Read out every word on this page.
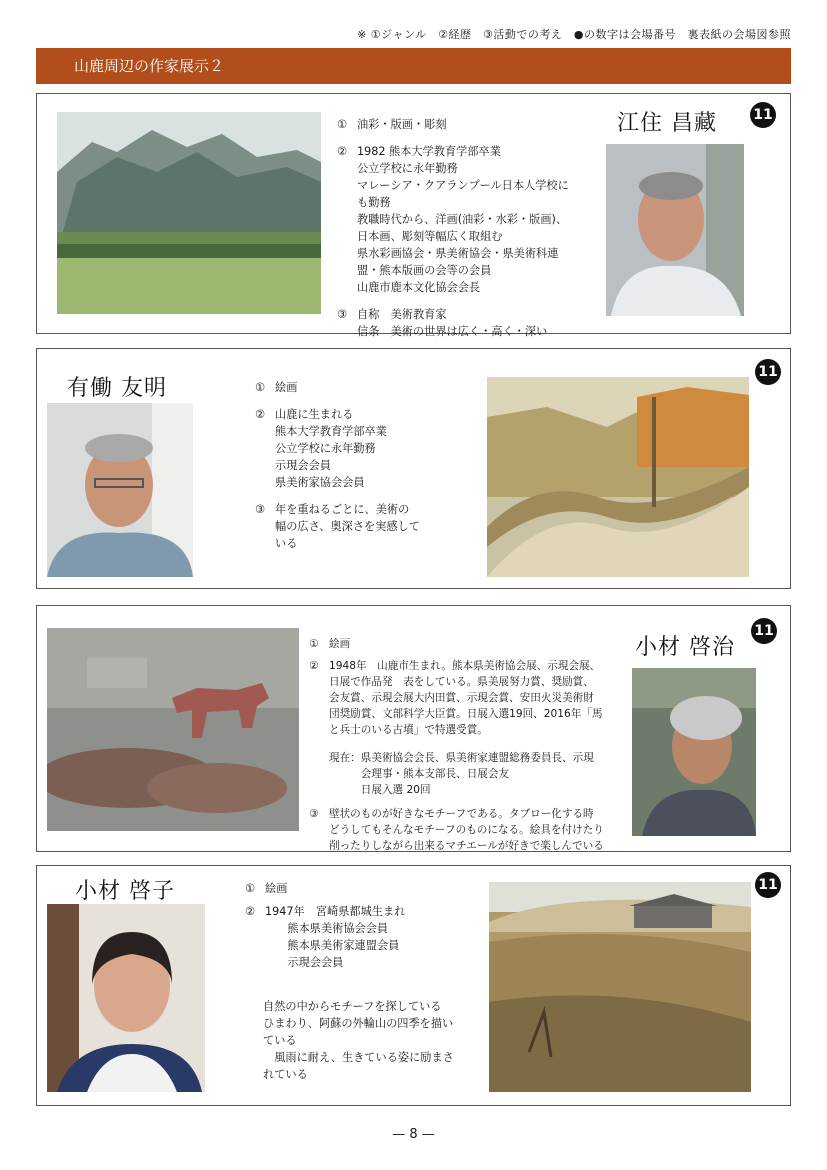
※ ①ジャンル　②経歴　③活動での考え　●の数字は会場番号　裏表紙の会場図参照
山鹿周辺の作家展示２
① 油彩・版画・彫刻
② 1982 熊本大学教育学部卒業
公立学校に永年勤務
マレーシア・クアランプール日本人学校に
も勤務
教職時代から、洋画(油彩・水彩・版画)、
日本画、彫刻等幅広く取組む
県水彩画協会・県美術協会・県美術科連
盟・熊本版画の会等の会員
山鹿市鹿本文化協会会長
③ 自称　美術教育家
信条　美術の世界は広く・高く・深い
江住 昌藏	11
有働 友明	① 絵画
② 山鹿に生まれる
熊本大学教育学部卒業
公立学校に永年勤務
示現会会員
県美術家協会会員
③ 年を重ねるごとに、美術の
幅の広さ、奥深さを実感して
いる
11
① 絵画
② 1948年　山鹿市生まれ。熊本県美術協会展、示現会展、
日展で作品発　表をしている。県美展努力賞、奨励賞、
会友賞、示現会展大内田賞、示現会賞、安田火災美術財
団奨励賞、文部科学大臣賞。日展入選19回、2016年「馬
と兵士のいる古墳」で特選受賞。
現在：県美術協会会長、県美術家連盟総務委員長、示現
　　　会理事・熊本支部長、日展会友
　　　日展入選 20回
③ 壁状のものが好きなモチーフである。タブロー化する時
どうしてもそんなモチーフのものになる。絵具を付けたり
削ったりしながら出来るマチエールが好きで楽しんでいる
小材 啓治
11
小材 啓子	① 絵画
② 1947年　宮崎県都城生まれ
　　熊本県美術協会会員
　　熊本県美術家連盟会員
　　示現会会員
自然の中からモチーフを探している
ひまわり、阿蘇の外輪山の四季を描い
ている
　風雨に耐え、生きている姿に励まさ
れている
11
— 8 —
